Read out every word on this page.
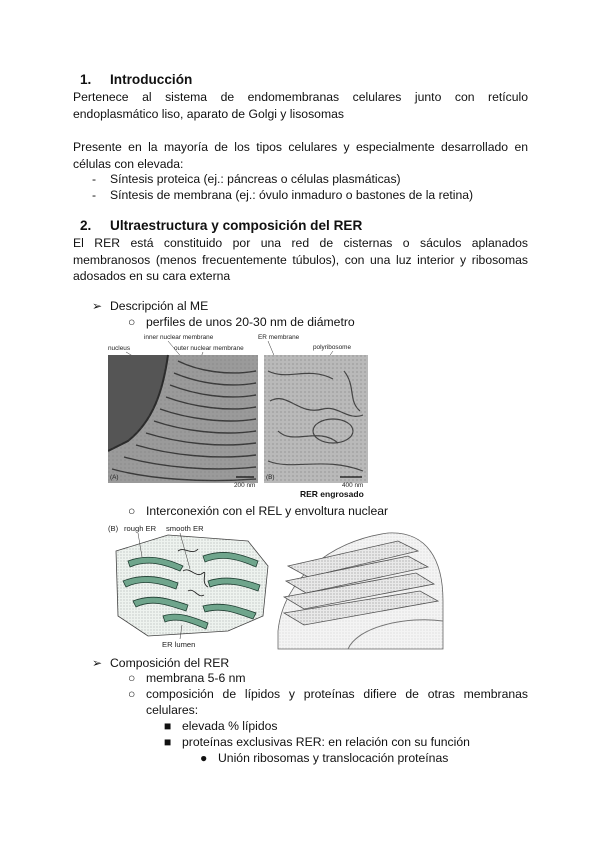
1. Introducción
Pertenece al sistema de endomembranas celulares junto con retículo endoplasmático liso, aparato de Golgi y lisosomas
Presente en la mayoría de los tipos celulares y especialmente desarrollado en células con elevada:
- Síntesis proteica (ej.: páncreas o células plasmáticas)
- Síntesis de membrana (ej.: óvulo inmaduro o bastones de la retina)
2. Ultraestructura y composición del RER
El RER está constituido por una red de cisternas o sáculos aplanados membranosos (menos frecuentemente túbulos), con una luz interior y ribosomas adosados en su cara externa
➢ Descripción al ME
○ perfiles de unos 20-30 nm de diámetro
nucleus
inner nuclear membrane
outer nuclear membrane
ER membrane
polyribosome
(A)	(B)
200 nm	400 nm
RER engrosado
○ Interconexión con el REL y envoltura nuclear
(B) rough ER smooth ER
ER lumen
➢ Composición del RER
○ membrana 5-6 nm
○ composición de lípidos y proteínas difiere de otras membranas celulares:
■ elevada % lípidos
■ proteínas exclusivas RER: en relación con su función
● Unión ribosomas y translocación proteínas
